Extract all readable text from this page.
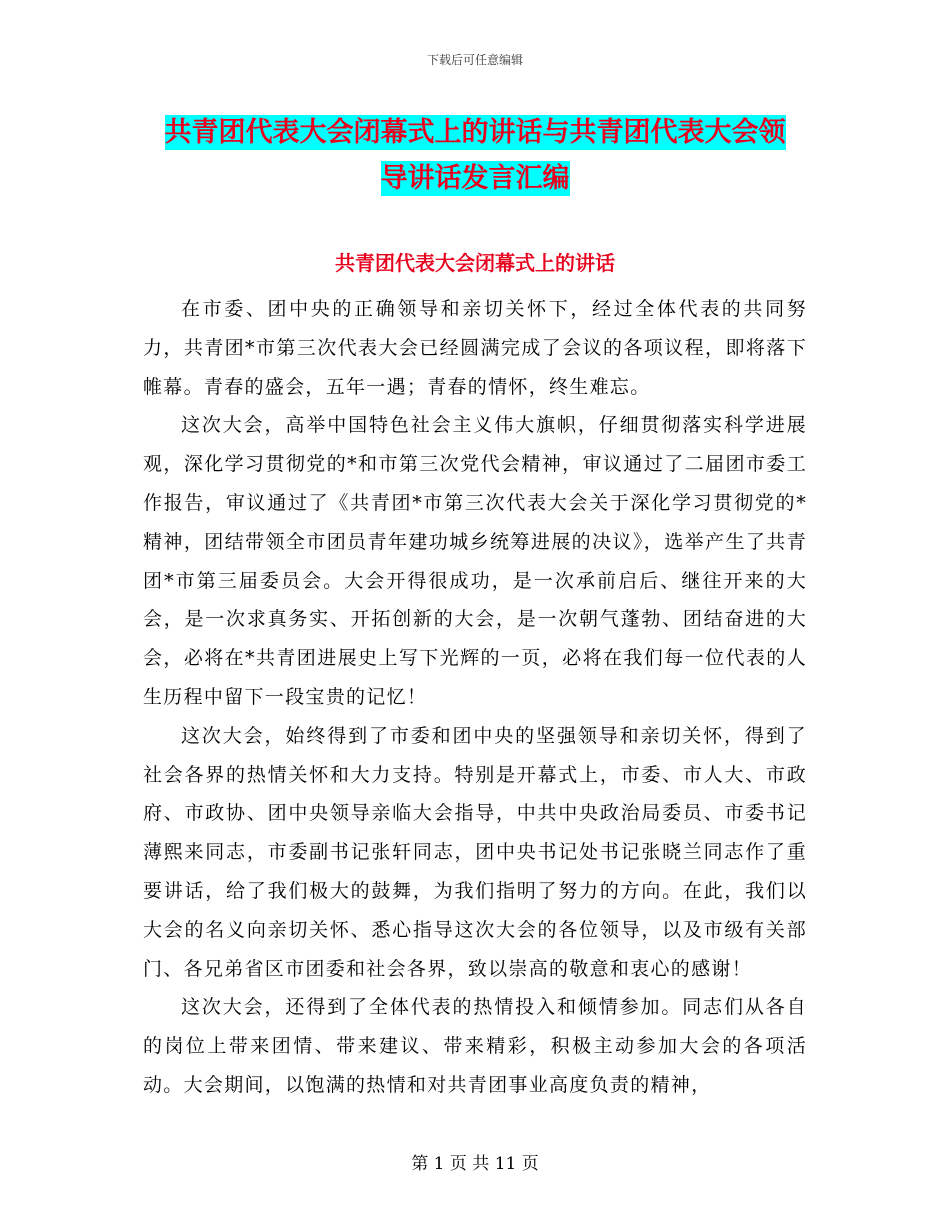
下载后可任意编辑
共青团代表大会闭幕式上的讲话与共青团代表大会领
导讲话发言汇编
共青团代表大会闭幕式上的讲话

在市委、团中央的正确领导和亲切关怀下，经过全体代表的共同努力，共青团*市第三次代表大会已经圆满完成了会议的各项议程，即将落下帷幕。青春的盛会，五年一遇；青春的情怀，终生难忘。

这次大会，高举中国特色社会主义伟大旗帜，仔细贯彻落实科学进展观，深化学习贯彻党的*和市第三次党代会精神，审议通过了二届团市委工作报告，审议通过了《共青团*市第三次代表大会关于深化学习贯彻党的*精神，团结带领全市团员青年建功城乡统筹进展的决议》，选举产生了共青团*市第三届委员会。大会开得很成功，是一次承前启后、继往开来的大会，是一次求真务实、开拓创新的大会，是一次朝气蓬勃、团结奋进的大会，必将在*共青团进展史上写下光辉的一页，必将在我们每一位代表的人生历程中留下一段宝贵的记忆！

这次大会，始终得到了市委和团中央的坚强领导和亲切关怀，得到了社会各界的热情关怀和大力支持。特别是开幕式上，市委、市人大、市政府、市政协、团中央领导亲临大会指导，中共中央政治局委员、市委书记薄熙来同志，市委副书记张轩同志，团中央书记处书记张晓兰同志作了重要讲话，给了我们极大的鼓舞，为我们指明了努力的方向。在此，我们以大会的名义向亲切关怀、悉心指导这次大会的各位领导，以及市级有关部门、各兄弟省区市团委和社会各界，致以崇高的敬意和衷心的感谢！

这次大会，还得到了全体代表的热情投入和倾情参加。同志们从各自的岗位上带来团情、带来建议、带来精彩，积极主动参加大会的各项活动。大会期间，以饱满的热情和对共青团事业高度负责的精神，

第 1 页 共 11 页
